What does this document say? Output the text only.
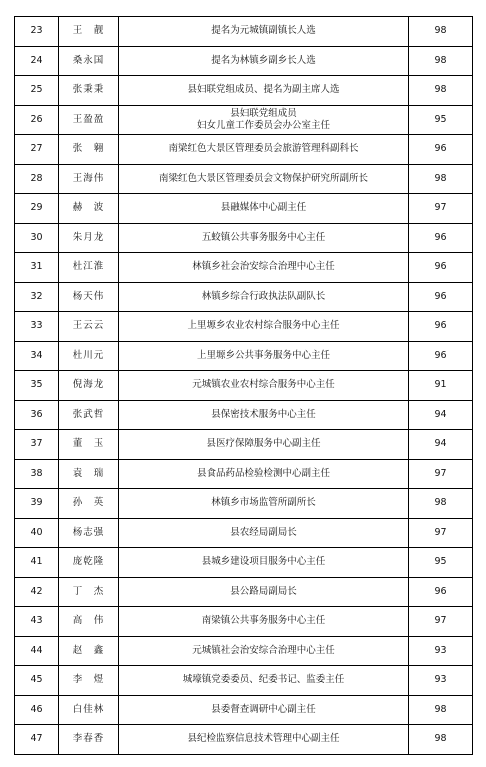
23	王　靓	提名为元城镇副镇长人选	98
24	桑永国	提名为林镇乡副乡长人选	98
25	张秉秉	县妇联党组成员、提名为副主席人选	98
26	王盈盈	县妇联党组成员
妇女儿童工作委员会办公室主任	95
27	张　翱	南梁红色大景区管理委员会旅游管理科副科长	96
28	王海伟	南梁红色大景区管理委员会文物保护研究所副所长	98
29	赫　波	县融媒体中心副主任	97
30	朱月龙	五蛟镇公共事务服务中心主任	96
31	杜江淮	林镇乡社会治安综合治理中心主任	96
32	杨天伟	林镇乡综合行政执法队副队长	96
33	王云云	上里塬乡农业农村综合服务中心主任	96
34	杜川元	上里塬乡公共事务服务中心主任	96
35	倪海龙	元城镇农业农村综合服务中心主任	91
36	张武哲	县保密技术服务中心主任	94
37	董　玉	县医疗保障服务中心副主任	94
38	袁　瑞	县食品药品检验检测中心副主任	97
39	孙　英	林镇乡市场监管所副所长	98
40	杨志强	县农经局副局长	97
41	庞乾隆	县城乡建设项目服务中心主任	95
42	丁　杰	县公路局副局长	96
43	高　伟	南梁镇公共事务服务中心主任	97
44	赵　鑫	元城镇社会治安综合治理中心主任	93
45	李　煜	城壕镇党委委员、纪委书记、监委主任	93
46	白佳林	县委督查调研中心副主任	98
47	李春香	县纪检监察信息技术管理中心副主任	98
